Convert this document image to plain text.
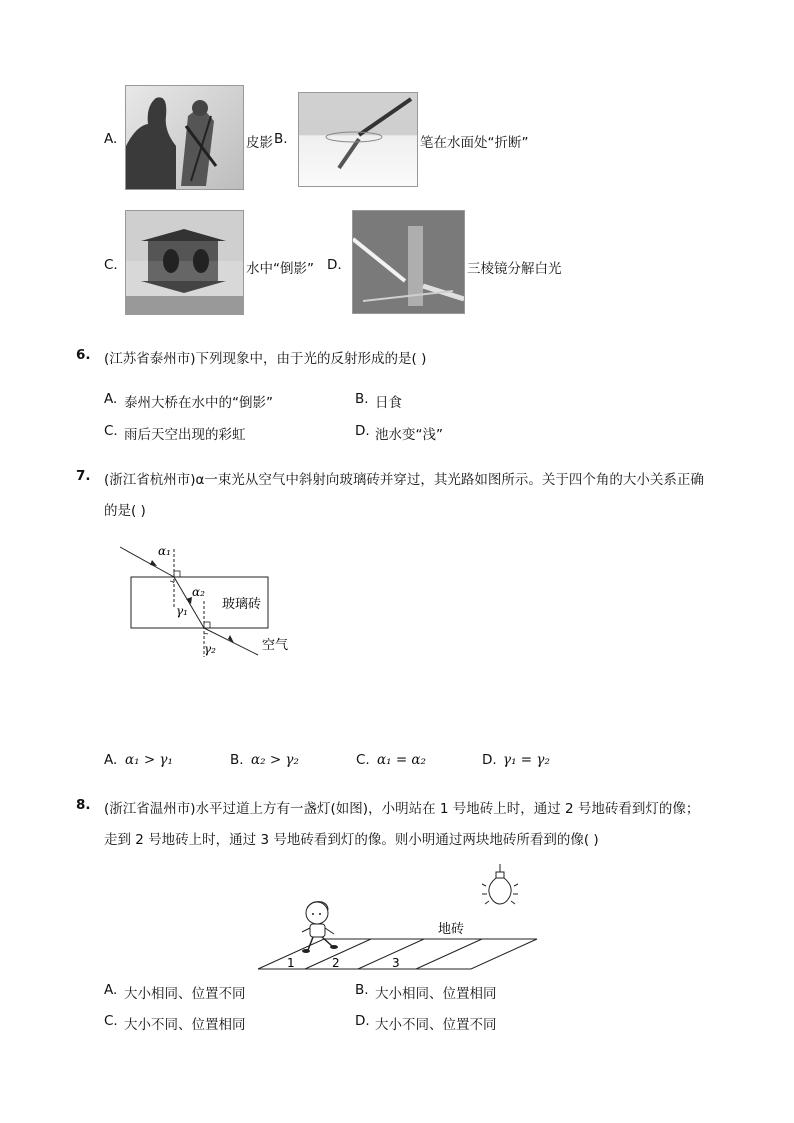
A.	皮影 B.	笔在水面处“折断”
C.	水中“倒影” D.	三棱镜分解白光
6. (江苏省泰州市)下列现象中，由于光的反射形成的是( )
A. 泰州大桥在水中的“倒影”	B. 日食
C. 雨后天空出现的彩虹	D. 池水变“浅”
7. (浙江省杭州市)α一束光从空气中斜射向玻璃砖并穿过，其光路如图所示。关于四个角的大小关系正确
的是( )
α₁
α₂
γ₁
γ₂
玻璃砖
空气
A. α₁ > γ₁	B. α₂ > γ₂	C. α₁ = α₂	D. γ₁ = γ₂
8. (浙江省温州市)水平过道上方有一盏灯(如图)，小明站在 1 号地砖上时，通过 2 号地砖看到灯的像；
走到 2 号地砖上时，通过 3 号地砖看到灯的像。则小明通过两块地砖所看到的像( )
1	2	3
地砖
A. 大小相同、位置不同	B. 大小相同、位置相同
C. 大小不同、位置相同	D. 大小不同、位置不同
